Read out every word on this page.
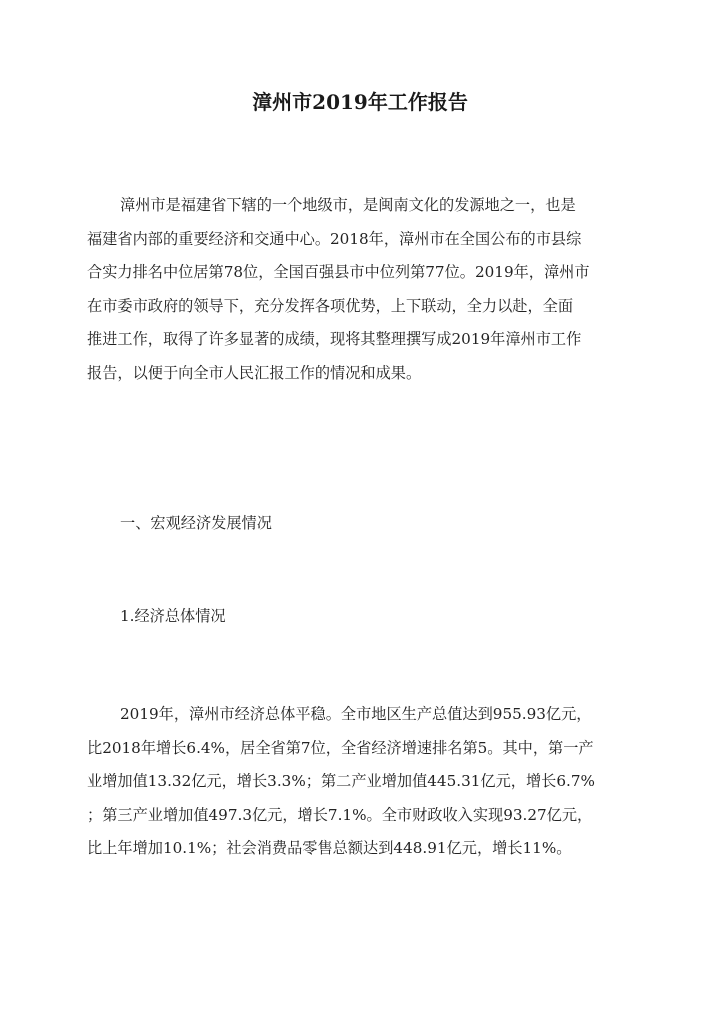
漳州市2019年工作报告
漳州市是福建省下辖的一个地级市，是闽南文化的发源地之一，也是
福建省内部的重要经济和交通中心。2018年，漳州市在全国公布的市县综
合实力排名中位居第78位，全国百强县市中位列第77位。2019年，漳州市
在市委市政府的领导下，充分发挥各项优势，上下联动，全力以赴，全面
推进工作，取得了许多显著的成绩，现将其整理撰写成2019年漳州市工作
报告，以便于向全市人民汇报工作的情况和成果。
一、宏观经济发展情况
1.经济总体情况
2019年，漳州市经济总体平稳。全市地区生产总值达到955.93亿元，
比2018年增长6.4%，居全省第7位，全省经济增速排名第5。其中，第一产
业增加值13.32亿元，增长3.3%；第二产业增加值445.31亿元，增长6.7%
；第三产业增加值497.3亿元，增长7.1%。全市财政收入实现93.27亿元，
比上年增加10.1%；社会消费品零售总额达到448.91亿元，增长11%。
